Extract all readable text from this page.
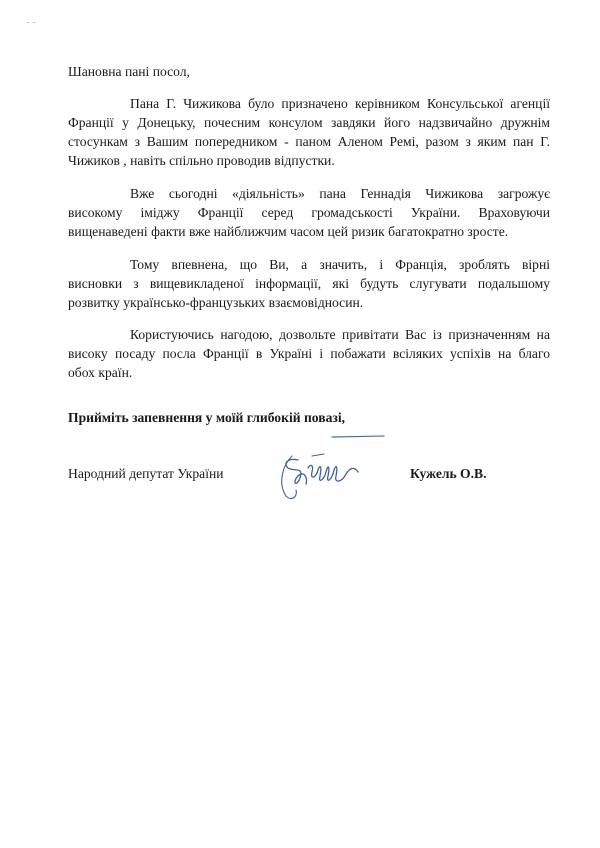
Шановна пані посол,
Пана Г. Чижикова було призначено керівником Консульської агенції
Франції у Донецьку, почесним консулом завдяки його надзвичайно дружнім
стосункам з Вашим попередником - паном Аленом Ремі, разом з яким пан Г.
Чижиков , навіть спільно проводив відпустки.
Вже сьогодні «діяльність» пана Геннадія Чижикова загрожує
високому іміджу Франції серед громадськості України. Враховуючи
вищенаведені факти вже найближчим часом цей ризик багатократно зросте.
Тому впевнена, що Ви, а значить, і Франція, зроблять вірні
висновки з вищевикладеної інформації, які будуть слугувати подальшому
розвитку українсько-французьких взаємовідносин.
Користуючись нагодою, дозвольте привітати Вас із призначенням на
високу посаду посла Франції в Україні і побажати всіляких успіхів на благо
обох країн.
Прийміть запевнення у моїй глибокій повазі,
Народний депутат України	Кужель О.В.
